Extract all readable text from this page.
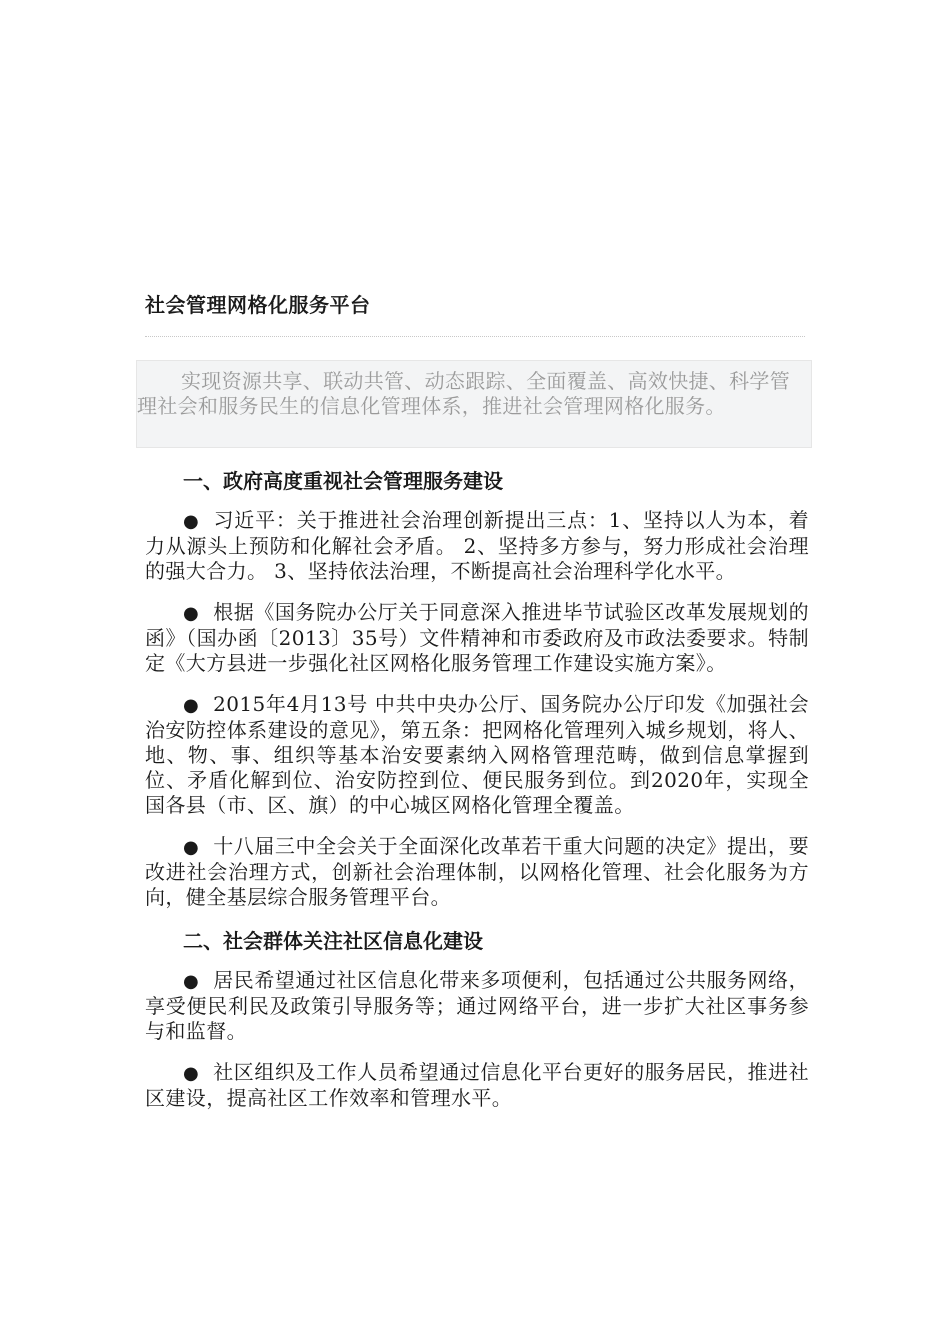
社会管理网格化服务平台

实现资源共享、联动共管、动态跟踪、全面覆盖、高效快捷、科学管理社会和服务民生的信息化管理体系，推进社会管理网格化服务。

一、政府高度重视社会管理服务建设

● 习近平：关于推进社会治理创新提出三点：1、坚持以人为本，着力从源头上预防和化解社会矛盾。 2、坚持多方参与，努力形成社会治理的强大合力。 3、坚持依法治理，不断提高社会治理科学化水平。

● 根据《国务院办公厅关于同意深入推进毕节试验区改革发展规划的函》（国办函〔2013〕35号）文件精神和市委政府及市政法委要求。特制定《大方县进一步强化社区网格化服务管理工作建设实施方案》。

● 2015年4月13号 中共中央办公厅、国务院办公厅印发《加强社会治安防控体系建设的意见》，第五条：把网格化管理列入城乡规划，将人、地、物、事、组织等基本治安要素纳入网格管理范畴，做到信息掌握到位、矛盾化解到位、治安防控到位、便民服务到位。到2020年，实现全国各县（市、区、旗）的中心城区网格化管理全覆盖。

● 十八届三中全会关于全面深化改革若干重大问题的决定》提出，要改进社会治理方式，创新社会治理体制，以网格化管理、社会化服务为方向，健全基层综合服务管理平台。

二、社会群体关注社区信息化建设

● 居民希望通过社区信息化带来多项便利，包括通过公共服务网络，享受便民利民及政策引导服务等；通过网络平台，进一步扩大社区事务参与和监督。

● 社区组织及工作人员希望通过信息化平台更好的服务居民，推进社区建设，提高社区工作效率和管理水平。
